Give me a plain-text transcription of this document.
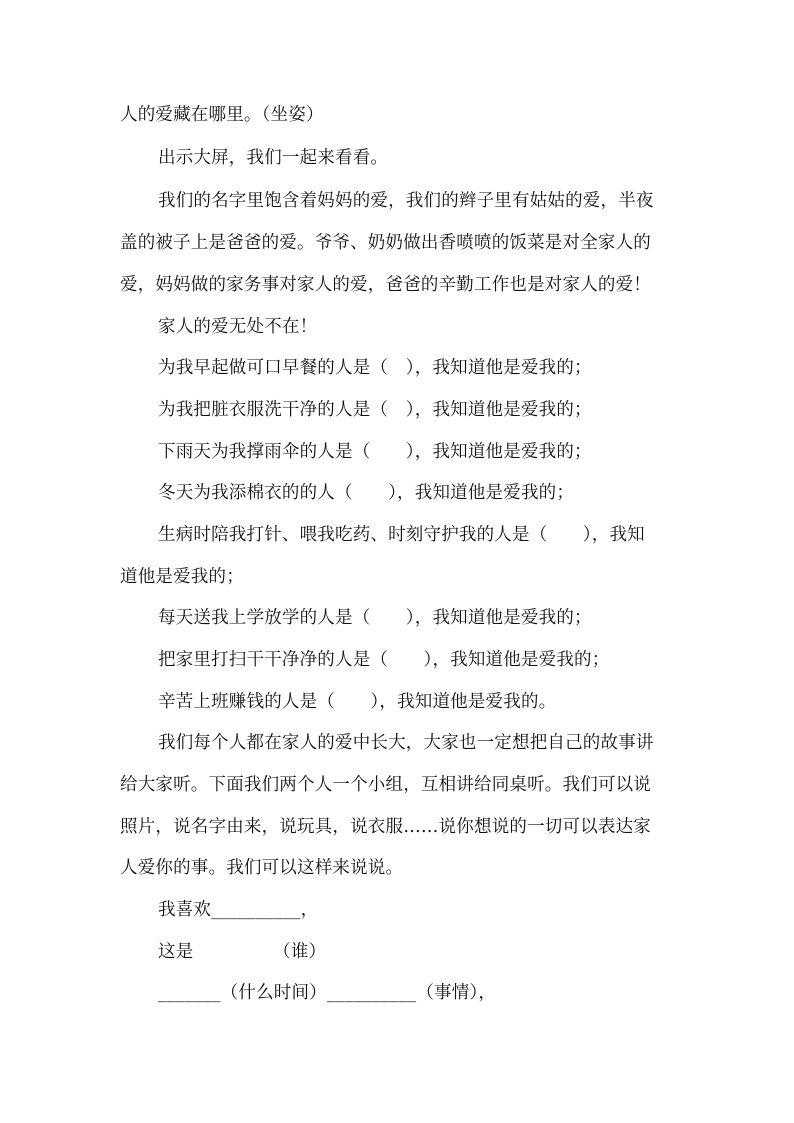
人的爱藏在哪里。（坐姿）
出示大屏，我们一起来看看。
我们的名字里饱含着妈妈的爱，我们的辫子里有姑姑的爱，半夜
盖的被子上是爸爸的爱。爷爷、奶奶做出香喷喷的饭菜是对全家人的
爱，妈妈做的家务事对家人的爱，爸爸的辛勤工作也是对家人的爱！
家人的爱无处不在！
为我早起做可口早餐的人是（　），我知道他是爱我的；
为我把脏衣服洗干净的人是（　），我知道他是爱我的；
下雨天为我撑雨伞的人是（　　），我知道他是爱我的；
冬天为我添棉衣的的人（　　），我知道他是爱我的；
生病时陪我打针、喂我吃药、时刻守护我的人是（　　），我知
道他是爱我的；
每天送我上学放学的人是（　　），我知道他是爱我的；
把家里打扫干干净净的人是（　　），我知道他是爱我的；
辛苦上班赚钱的人是（　　），我知道他是爱我的。
我们每个人都在家人的爱中长大，大家也一定想把自己的故事讲
给大家听。下面我们两个人一个小组，互相讲给同桌听。我们可以说
照片，说名字由来，说玩具，说衣服……说你想说的一切可以表达家
人爱你的事。我们可以这样来说说。
我喜欢__________，
这是　　　　　（谁）
_______（什么时间）__________（事情），
